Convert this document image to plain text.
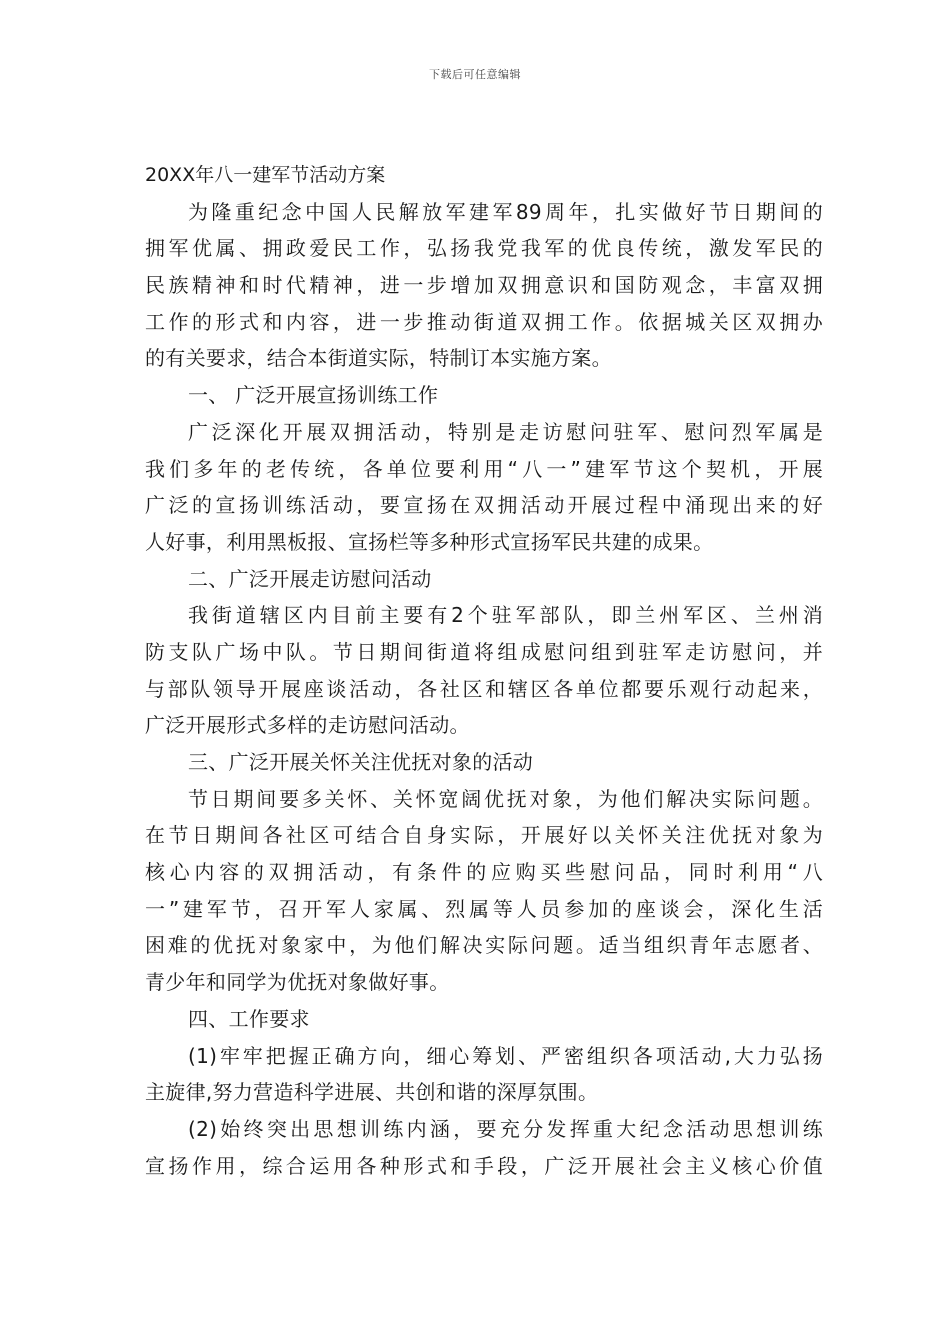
下载后可任意编辑
20XX年八一建军节活动方案
为隆重纪念中国人民解放军建军89周年，扎实做好节日期间的
拥军优属、拥政爱民工作，弘扬我党我军的优良传统，激发军民的
民族精神和时代精神，进一步增加双拥意识和国防观念，丰富双拥
工作的形式和内容，进一步推动街道双拥工作。依据城关区双拥办
的有关要求，结合本街道实际，特制订本实施方案。
一、 广泛开展宣扬训练工作
广泛深化开展双拥活动，特别是走访慰问驻军、慰问烈军属是
我们多年的老传统，各单位要利用“八一”建军节这个契机，开展
广泛的宣扬训练活动，要宣扬在双拥活动开展过程中涌现出来的好
人好事，利用黑板报、宣扬栏等多种形式宣扬军民共建的成果。
二、广泛开展走访慰问活动
我街道辖区内目前主要有2个驻军部队，即兰州军区、兰州消
防支队广场中队。节日期间街道将组成慰问组到驻军走访慰问，并
与部队领导开展座谈活动，各社区和辖区各单位都要乐观行动起来，
广泛开展形式多样的走访慰问活动。
三、广泛开展关怀关注优抚对象的活动
节日期间要多关怀、关怀宽阔优抚对象，为他们解决实际问题。
在节日期间各社区可结合自身实际，开展好以关怀关注优抚对象为
核心内容的双拥活动，有条件的应购买些慰问品，同时利用“八
一”建军节，召开军人家属、烈属等人员参加的座谈会，深化生活
困难的优抚对象家中，为他们解决实际问题。适当组织青年志愿者、
青少年和同学为优抚对象做好事。
四、工作要求
(1)牢牢把握正确方向，细心筹划、严密组织各项活动,大力弘扬
主旋律,努力营造科学进展、共创和谐的深厚氛围。
(2)始终突出思想训练内涵，要充分发挥重大纪念活动思想训练
宣扬作用，综合运用各种形式和手段，广泛开展社会主义核心价值
